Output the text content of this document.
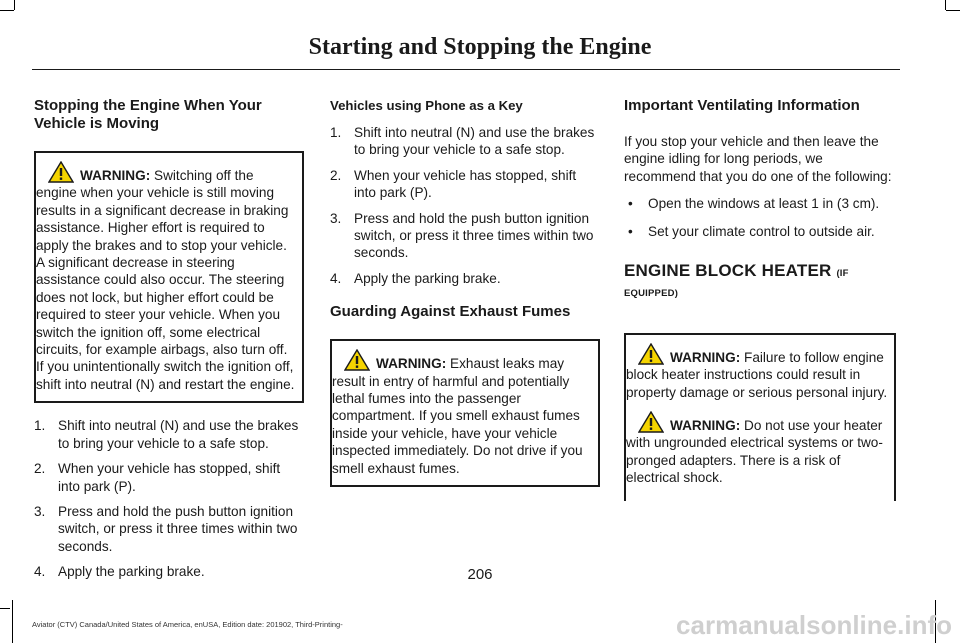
Starting and Stopping the Engine
Stopping the Engine When Your Vehicle is Moving
WARNING: Switching off the engine when your vehicle is still moving results in a significant decrease in braking assistance. Higher effort is required to apply the brakes and to stop your vehicle. A significant decrease in steering assistance could also occur. The steering does not lock, but higher effort could be required to steer your vehicle. When you switch the ignition off, some electrical circuits, for example airbags, also turn off. If you unintentionally switch the ignition off, shift into neutral (N) and restart the engine.
1. Shift into neutral (N) and use the brakes to bring your vehicle to a safe stop.
2. When your vehicle has stopped, shift into park (P).
3. Press and hold the push button ignition switch, or press it three times within two seconds.
4. Apply the parking brake.
Vehicles using Phone as a Key
1. Shift into neutral (N) and use the brakes to bring your vehicle to a safe stop.
2. When your vehicle has stopped, shift into park (P).
3. Press and hold the push button ignition switch, or press it three times within two seconds.
4. Apply the parking brake.
Guarding Against Exhaust Fumes
WARNING: Exhaust leaks may result in entry of harmful and potentially lethal fumes into the passenger compartment. If you smell exhaust fumes inside your vehicle, have your vehicle inspected immediately. Do not drive if you smell exhaust fumes.
Important Ventilating Information

If you stop your vehicle and then leave the engine idling for long periods, we recommend that you do one of the following:

• Open the windows at least 1 in (3 cm).
• Set your climate control to outside air.
ENGINE BLOCK HEATER (IF EQUIPPED)
WARNING: Failure to follow engine block heater instructions could result in property damage or serious personal injury.
WARNING: Do not use your heater with ungrounded electrical systems or two-pronged adapters. There is a risk of electrical shock.
206
Aviator (CTV) Canada/United States of America, enUSA, Edition date: 201902, Third-Printing-	carmanualsonline.info
